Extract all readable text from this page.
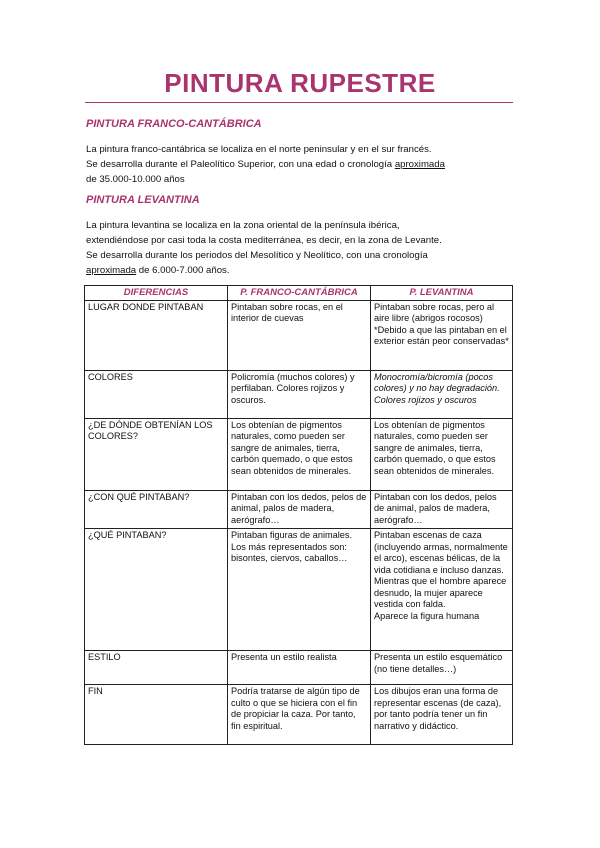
PINTURA RUPESTRE
PINTURA FRANCO-CANTÁBRICA

La pintura franco-cantábrica se localiza en el norte peninsular y en el sur francés.

Se desarrolla durante el Paleolítico Superior, con una edad o cronología aproximada

de 35.000-10.000 años

PINTURA LEVANTINA

La pintura levantina se localiza en la zona oriental de la península ibérica,

extendiéndose por casi toda la costa mediterránea, es decir, en la zona de Levante.

Se desarrolla durante los periodos del Mesolítico y Neolítico, con una cronología

aproximada de 6.000-7.000 años.

DIFERENCIAS	P. FRANCO-CANTÁBRICA	P. LEVANTINA
LUGAR DONDE PINTABAN	Pintaban sobre rocas, en el interior de cuevas	Pintaban sobre rocas, pero al aire libre (abrigos rocosos)
*Debido a que las pintaban en el exterior están peor conservadas*

COLORES	Policromía (muchos colores) y perfilaban. Colores rojizos y oscuros.	Monocromía/bicromía (pocos colores) y no hay degradación.
Colores rojizos y oscuros

¿DE DÓNDE OBTENÍAN LOS COLORES?	Los obtenían de pigmentos naturales, como pueden ser sangre de animales, tierra, carbón quemado, o que estos sean obtenidos de minerales.	Los obtenían de pigmentos naturales, como pueden ser sangre de animales, tierra, carbón quemado, o que estos sean obtenidos de minerales.
¿CON QUÉ PINTABAN?	Pintaban con los dedos, pelos de animal, palos de madera, aerógrafo…	Pintaban con los dedos, pelos de animal, palos de madera, aerógrafo…
¿QUÉ PINTABAN?	Pintaban figuras de animales. Los más representados son: bisontes, ciervos, caballos…	Pintaban escenas de caza (incluyendo armas, normalmente el arco), escenas bélicas, de la vida cotidiana e incluso danzas. Mientras que el hombre aparece desnudo, la mujer aparece vestida con falda.
Aparece la figura humana

ESTILO	Presenta un estilo realista	Presenta un estilo esquemático (no tiene detalles…)
FIN	Podría tratarse de algún tipo de culto o que se hiciera con el fin de propiciar la caza. Por tanto, fin espiritual.	Los dibujos eran una forma de representar escenas (de caza), por tanto podría tener un fin narrativo y didáctico.
